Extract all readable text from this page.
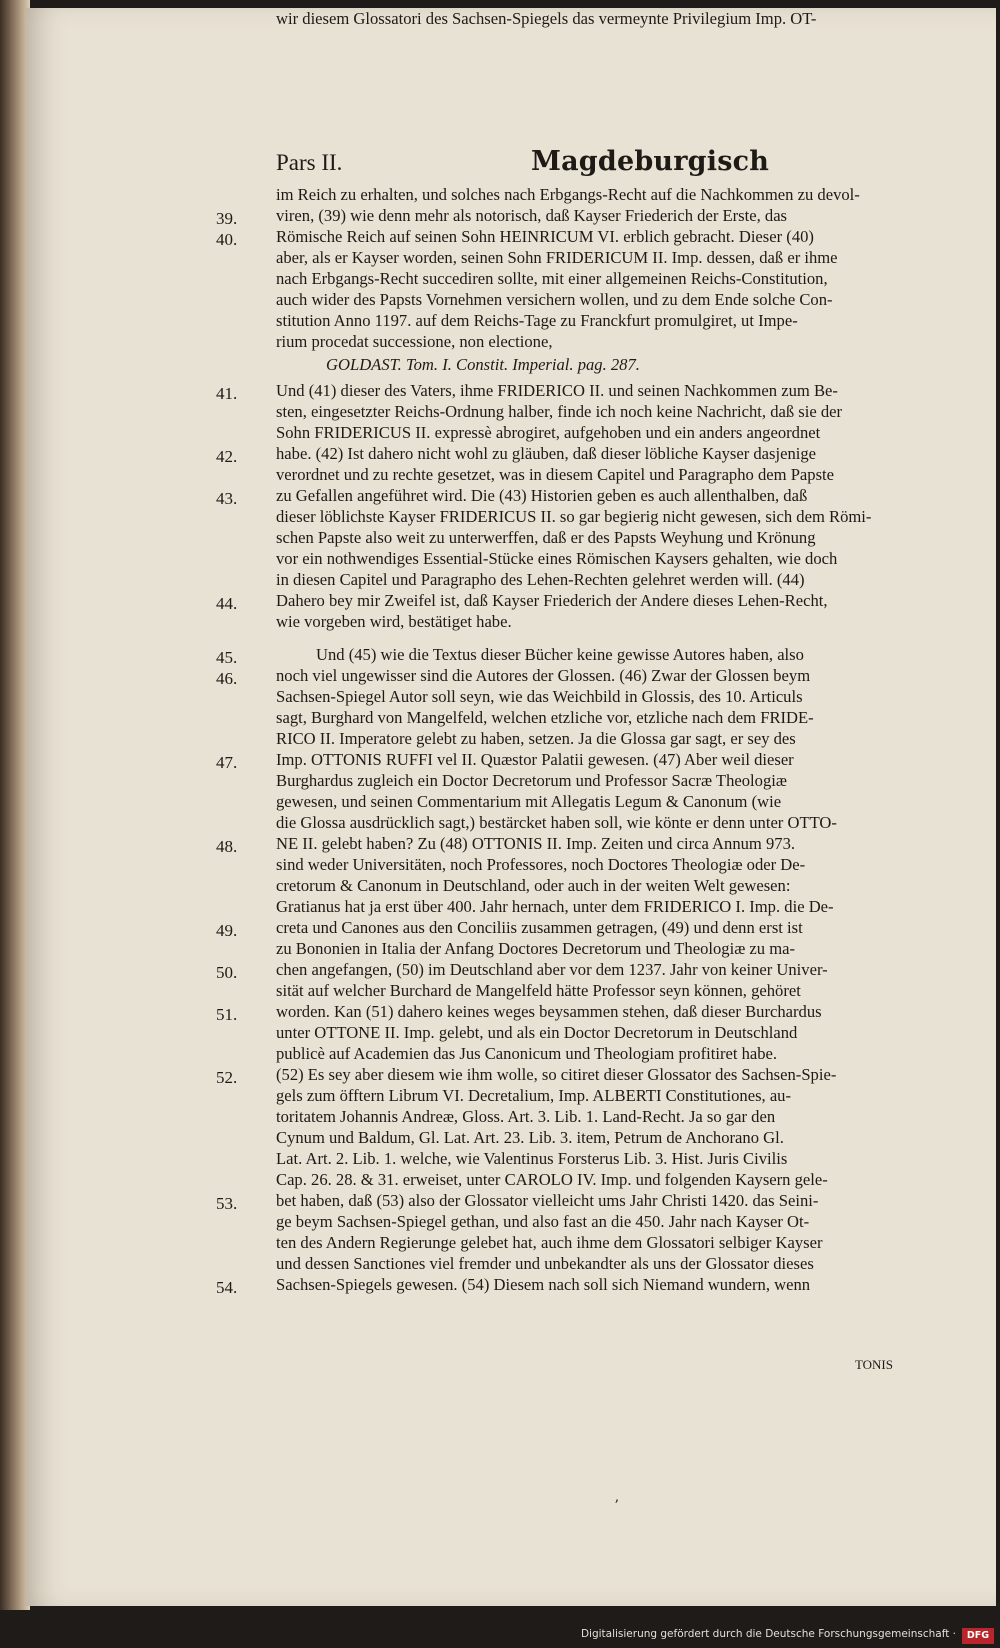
Pars II.	Magdeburgisch
im Reich zu erhalten, und solches nach Erbgangs-Recht auf die Nachkommen zu devol-
viren, (39) wie denn mehr als notorisch, daß Kayser Friederich der Erste, das
Römische Reich auf seinen Sohn HEINRICUM VI. erblich gebracht. Dieser (40)
aber, als er Kayser worden, seinen Sohn FRIDERICUM II. Imp. dessen, daß er ihme
nach Erbgangs-Recht succediren sollte, mit einer allgemeinen Reichs-Constitution,
auch wider des Papsts Vornehmen versichern wollen, und zu dem Ende solche Con-
stitution Anno 1197. auf dem Reichs-Tage zu Franckfurt promulgiret, ut Impe-
rium procedat successione, non electione,
GOLDAST. Tom. I. Constit. Imperial. pag. 287.
Und (41) dieser des Vaters, ihme FRIDERICO II. und seinen Nachkommen zum Be-
sten, eingesetzter Reichs-Ordnung halber, finde ich noch keine Nachricht, daß sie der
Sohn FRIDERICUS II. expressè abrogiret, aufgehoben und ein anders angeordnet
habe. (42) Ist dahero nicht wohl zu gläuben, daß dieser löbliche Kayser dasjenige
verordnet und zu rechte gesetzet, was in diesem Capitel und Paragrapho dem Papste
zu Gefallen angeführet wird. Die (43) Historien geben es auch allenthalben, daß
dieser löblichste Kayser FRIDERICUS II. so gar begierig nicht gewesen, sich dem Römi-
schen Papste also weit zu unterwerffen, daß er des Papsts Weyhung und Krönung
vor ein nothwendiges Essential-Stücke eines Römischen Kaysers gehalten, wie doch
in diesen Capitel und Paragrapho des Lehen-Rechten gelehret werden will. (44)
Dahero bey mir Zweifel ist, daß Kayser Friederich der Andere dieses Lehen-Recht,
wie vorgeben wird, bestätiget habe.
Und (45) wie die Textus dieser Bücher keine gewisse Autores haben, also
noch viel ungewisser sind die Autores der Glossen. (46) Zwar der Glossen beym
Sachsen-Spiegel Autor soll seyn, wie das Weichbild in Glossis, des 10. Articuls
sagt, Burghard von Mangelfeld, welchen etzliche vor, etzliche nach dem FRIDE-
RICO II. Imperatore gelebt zu haben, setzen. Ja die Glossa gar sagt, er sey des
Imp. OTTONIS RUFFI vel II. Quæstor Palatii gewesen. (47) Aber weil dieser
Burghardus zugleich ein Doctor Decretorum und Professor Sacræ Theologiæ
gewesen, und seinen Commentarium mit Allegatis Legum & Canonum (wie
die Glossa ausdrücklich sagt,) bestärcket haben soll, wie könte er denn unter OTTO-
NE II. gelebt haben? Zu (48) OTTONIS II. Imp. Zeiten und circa Annum 973.
sind weder Universitäten, noch Professores, noch Doctores Theologiæ oder De-
cretorum & Canonum in Deutschland, oder auch in der weiten Welt gewesen:
Gratianus hat ja erst über 400. Jahr hernach, unter dem FRIDERICO I. Imp. die De-
creta und Canones aus den Conciliis zusammen getragen, (49) und denn erst ist
zu Bononien in Italia der Anfang Doctores Decretorum und Theologiæ zu ma-
chen angefangen, (50) im Deutschland aber vor dem 1237. Jahr von keiner Univer-
sität auf welcher Burchard de Mangelfeld hätte Professor seyn können, gehöret
worden. Kan (51) dahero keines weges beysammen stehen, daß dieser Burchardus
unter OTTONE II. Imp. gelebt, und als ein Doctor Decretorum in Deutschland
publicè auf Academien das Jus Canonicum und Theologiam profitiret habe.
(52) Es sey aber diesem wie ihm wolle, so citiret dieser Glossator des Sachsen-Spie-
gels zum öfftern Librum VI. Decretalium, Imp. ALBERTI Constitutiones, au-
toritatem Johannis Andreæ, Gloss. Art. 3. Lib. 1. Land-Recht. Ja so gar den
Cynum und Baldum, Gl. Lat. Art. 23. Lib. 3. item, Petrum de Anchorano Gl.
Lat. Art. 2. Lib. 1. welche, wie Valentinus Forsterus Lib. 3. Hist. Juris Civilis
Cap. 26. 28. & 31. erweiset, unter CAROLO IV. Imp. und folgenden Kaysern gele-
bet haben, daß (53) also der Glossator vielleicht ums Jahr Christi 1420. das Seini-
ge beym Sachsen-Spiegel gethan, und also fast an die 450. Jahr nach Kayser Ot-
ten des Andern Regierunge gelebet hat, auch ihme dem Glossatori selbiger Kayser
und dessen Sanctiones viel fremder und unbekandter als uns der Glossator dieses
Sachsen-Spiegels gewesen. (54) Diesem nach soll sich Niemand wundern, wenn
wir diesem Glossatori des Sachsen-Spiegels das vermeynte Privilegium Imp. OT-
39.
40.
41.
42.
43.
44.
45.
46.
47.
48.
49.
50.
51.
52.
53.
54.
TONIS
ʼ
Digitalisierung gefördert durch die Deutsche Forschungsgemeinschaft ·	DFG
